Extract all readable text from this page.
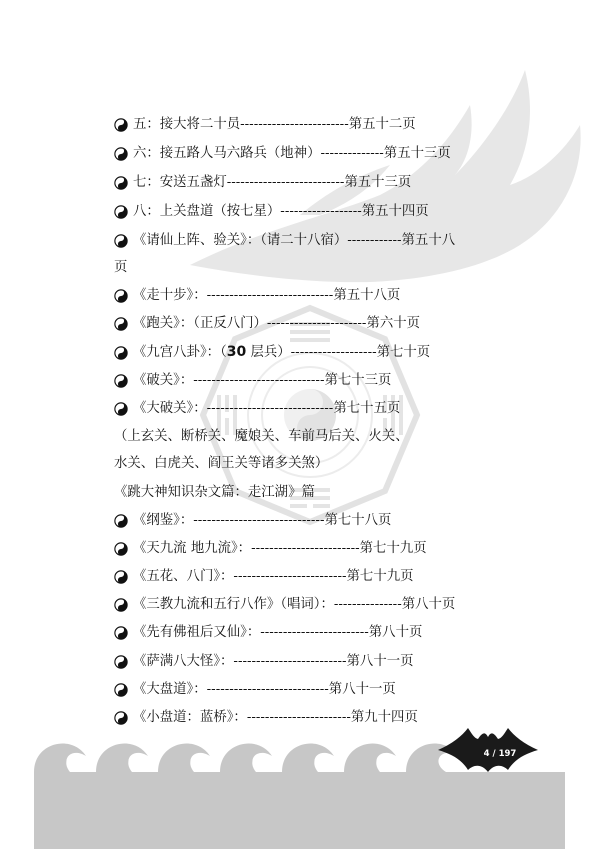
五：接大将二十员------------------------第五十二页
六：接五路人马六路兵（地神）--------------第五十三页
七：安送五盏灯--------------------------第五十三页
八：上关盘道（按七星）------------------第五十四页
《请仙上阵、验关》：（请二十八宿）------------第五十八
页
《走十步》：----------------------------第五十八页
《跑关》：（正反八门）----------------------第六十页
《九宫八卦》：（30 层兵）-------------------第七十页
《破关》：-----------------------------第七十三页
《大破关》：----------------------------第七十五页
（上玄关、断桥关、魔娘关、车前马后关、火关、
水关、白虎关、阎王关等诸多关煞）
《跳大神知识杂文篇：走江湖》篇
《纲鉴》：-----------------------------第七十八页
《天九流 地九流》：------------------------第七十九页
《五花、八门》：-------------------------第七十九页
《三教九流和五行八作》（唱词）：---------------第八十页
《先有佛祖后又仙》：------------------------第八十页
《萨满八大怪》：-------------------------第八十一页
《大盘道》：---------------------------第八十一页
《小盘道：蓝桥》：-----------------------第九十四页
4 / 197
